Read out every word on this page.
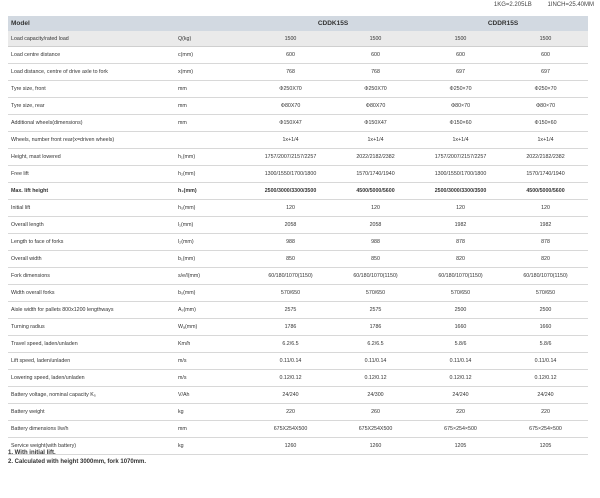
1KG=2.205LB	1INCH=25.40MM
Model		CDDK15S		CDDR15S	
Load capacity/rated load	Q(kg)	1500	1500	1500	1500
Load centre distance	c(mm)	600	600	600	600
Load distance, centre of drive axle to fork	x(mm)	768	768	697	697
Tyre size, front	mm	Φ250X70	Φ250X70	Φ250×70	Φ250×70
Tyre size, rear	mm	Φ80X70	Φ80X70	Φ80×70	Φ80×70
Additional wheels(dimensions)	mm	Φ150X47	Φ150X47	Φ150×60	Φ150×60
Wheels, number front rear(x=driven wheels)		1x+1/4	1x+1/4	1x+1/4	1x+1/4
Height, mast lowered	h₁(mm)	1757/2007/2157/2257	2022/2182/2382	1757/2007/2157/2257	2022/2182/2382
Free lift	h₂(mm)	1300/1550/1700/1800	1570/1740/1940	1300/1550/1700/1800	1570/1740/1940
Max. lift height	h₃(mm)	2500/3000/3300/3500	4500/5000/5600	2500/3000/3300/3500	4500/5000/5600
Initial lift	h₅(mm)	120	120	120	120
Overall length	l₁(mm)	2058	2058	1982	1982
Length to face of forks	l₂(mm)	988	988	878	878
Overall width	b₁(mm)	850	850	820	820
Fork dimensions	s/e/l(mm)	60/180/1070(1150)	60/180/1070(1150)	60/180/1070(1150)	60/180/1070(1150)
Width overall forks	b₅(mm)	570/650	570/650	570/650	570/650
Aisle width for pallets 800x1200 lengthways	Aₛ(mm)	2575	2575	2500	2500
Turning radius	Wₐ(mm)	1786	1786	1660	1660
Travel speed, laden/unladen	Km/h	6.2/6.5	6.2/6.5	5.8/6	5.8/6
Lift speed, laden/unladen	m/s	0.11/0.14	0.11/0.14	0.11/0.14	0.11/0.14
Lowering speed, laden/unladen	m/s	0.12/0.12	0.12/0.12	0.12/0.12	0.12/0.12
Battery voltage, nominal capacity K₅	V/Ah	24/240	24/300	24/240	24/240
Battery weight	kg	220	260	220	220
Battery dimensions l/w/h	mm	675X254X500	675X254X500	675×254×500	675×254×500
Service weight(with battery)	kg	1260	1260	1205	1205
1. With initial lift.
2. Calculated with height 3000mm, fork 1070mm.
